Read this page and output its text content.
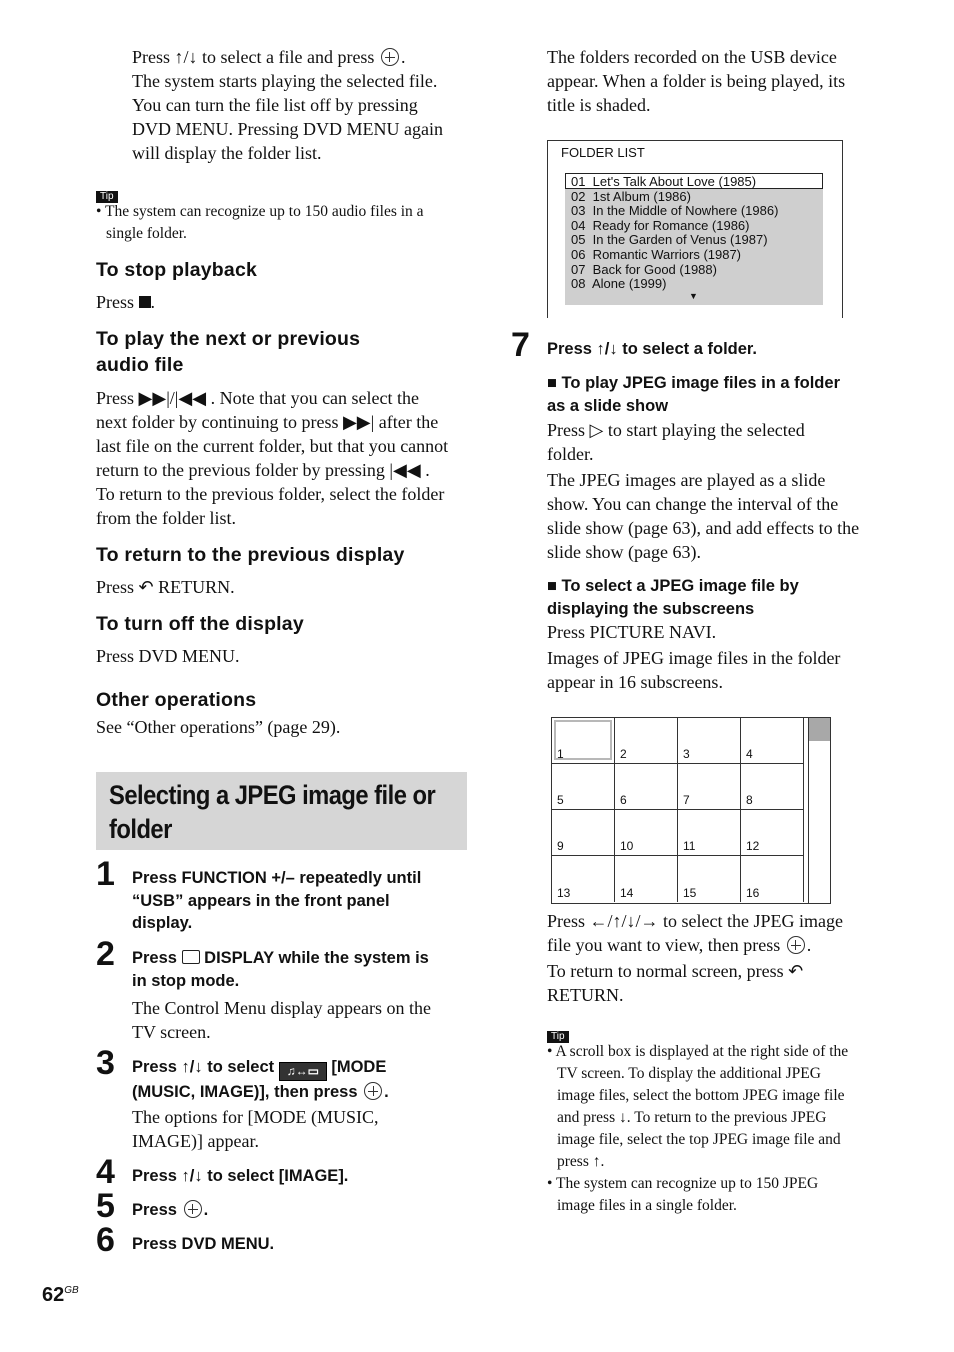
Press ↑/↓ to select a file and press .
The system starts playing the selected file.
You can turn the file list off by pressing
DVD MENU. Pressing DVD MENU again
will display the folder list.
Tip
• The system can recognize up to 150 audio files in a
single folder.
To stop playback
Press .
To play the next or previous
audio file
Press ▶▶|/|◀◀ . Note that you can select the
next folder by continuing to press ▶▶| after the
last file on the current folder, but that you cannot
return to the previous folder by pressing |◀◀ .
To return to the previous folder, select the folder
from the folder list.
To return to the previous display
Press ↶ RETURN.
To turn off the display
Press DVD MENU.
Other operations
See “Other operations” (page 29).
Selecting a JPEG image file or
folder
1 Press FUNCTION +/– repeatedly until
“USB” appears in the front panel
display.
2 Press DISPLAY while the system is
in stop mode.
The Control Menu display appears on the
TV screen.
3 Press ↑/↓ to select ♫↔▭ [MODE
(MUSIC, IMAGE)], then press .
The options for [MODE (MUSIC,
IMAGE)] appear.
4 Press ↑/↓ to select [IMAGE].
5 Press .
6 Press DVD MENU.
$62^{GB}$
The folders recorded on the USB device
appear. When a folder is being played, its
title is shaded.
FOLDER LIST
01  Let's Talk About Love (1985)
02  1st Album (1986)
03  In the Middle of Nowhere (1986)
04  Ready for Romance (1986)
05  In the Garden of Venus (1987)
06  Romantic Warriors (1987)
07  Back for Good (1988)
08  Alone (1999)
▼
7 Press ↑/↓ to select a folder.
■ To play JPEG image files in a folder
as a slide show
Press ▷ to start playing the selected
folder.
The JPEG images are played as a slide
show. You can change the interval of the
slide show (page 63), and add effects to the
slide show (page 63).
■ To select a JPEG image file by
displaying the subscreens
Press PICTURE NAVI.
Images of JPEG image files in the folder
appear in 16 subscreens.
1	2	3	4
5	6	7	8
9	10	11	12
13	14	15	16
Press ←/↑/↓/→ to select the JPEG image
file you want to view, then press .
To return to normal screen, press ↶
RETURN.
Tip
• A scroll box is displayed at the right side of the
TV screen. To display the additional JPEG
image files, select the bottom JPEG image file
and press ↓. To return to the previous JPEG
image file, select the top JPEG image file and
press ↑.
• The system can recognize up to 150 JPEG
image files in a single folder.
